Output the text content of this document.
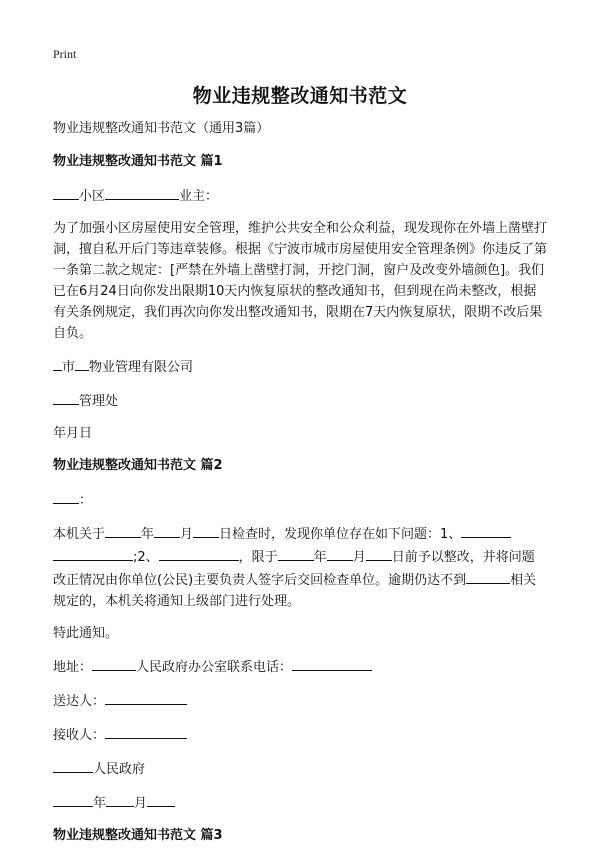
Print
物业违规整改通知书范文
物业违规整改通知书范文（通用3篇）
物业违规整改通知书范文 篇1
小区	业主：
为了加强小区房屋使用安全管理，维护公共安全和公众利益，现发现你在外墙上凿壁打洞，擅自私开后门等违章装修。根据《宁波市城市房屋使用安全管理条例》你违反了第一条第二款之规定：[严禁在外墙上凿壁打洞，开挖门洞，窗户及改变外墙颜色]。我们已在6月24日向你发出限期10天内恢复原状的整改通知书，但到现在尚未整改，根据有关条例规定，我们再次向你发出整改通知书，限期在7天内恢复原状，限期不改后果自负。
市 物业管理有限公司
管理处
年月日
物业违规整改通知书范文 篇2
：
本机关于	年 月 日检查时，发现你单位存在如下问题：1、;2、	，限于	年 月 日前予以整改，并将问题改正情况由你单位(公民)主要负责人签字后交回检查单位。逾期仍达不到	相关规定的，本机关将通知上级部门进行处理。
特此通知。
地址：	人民政府办公室联系电话：
送达人：
接收人：
人民政府
年 月
物业违规整改通知书范文 篇3
